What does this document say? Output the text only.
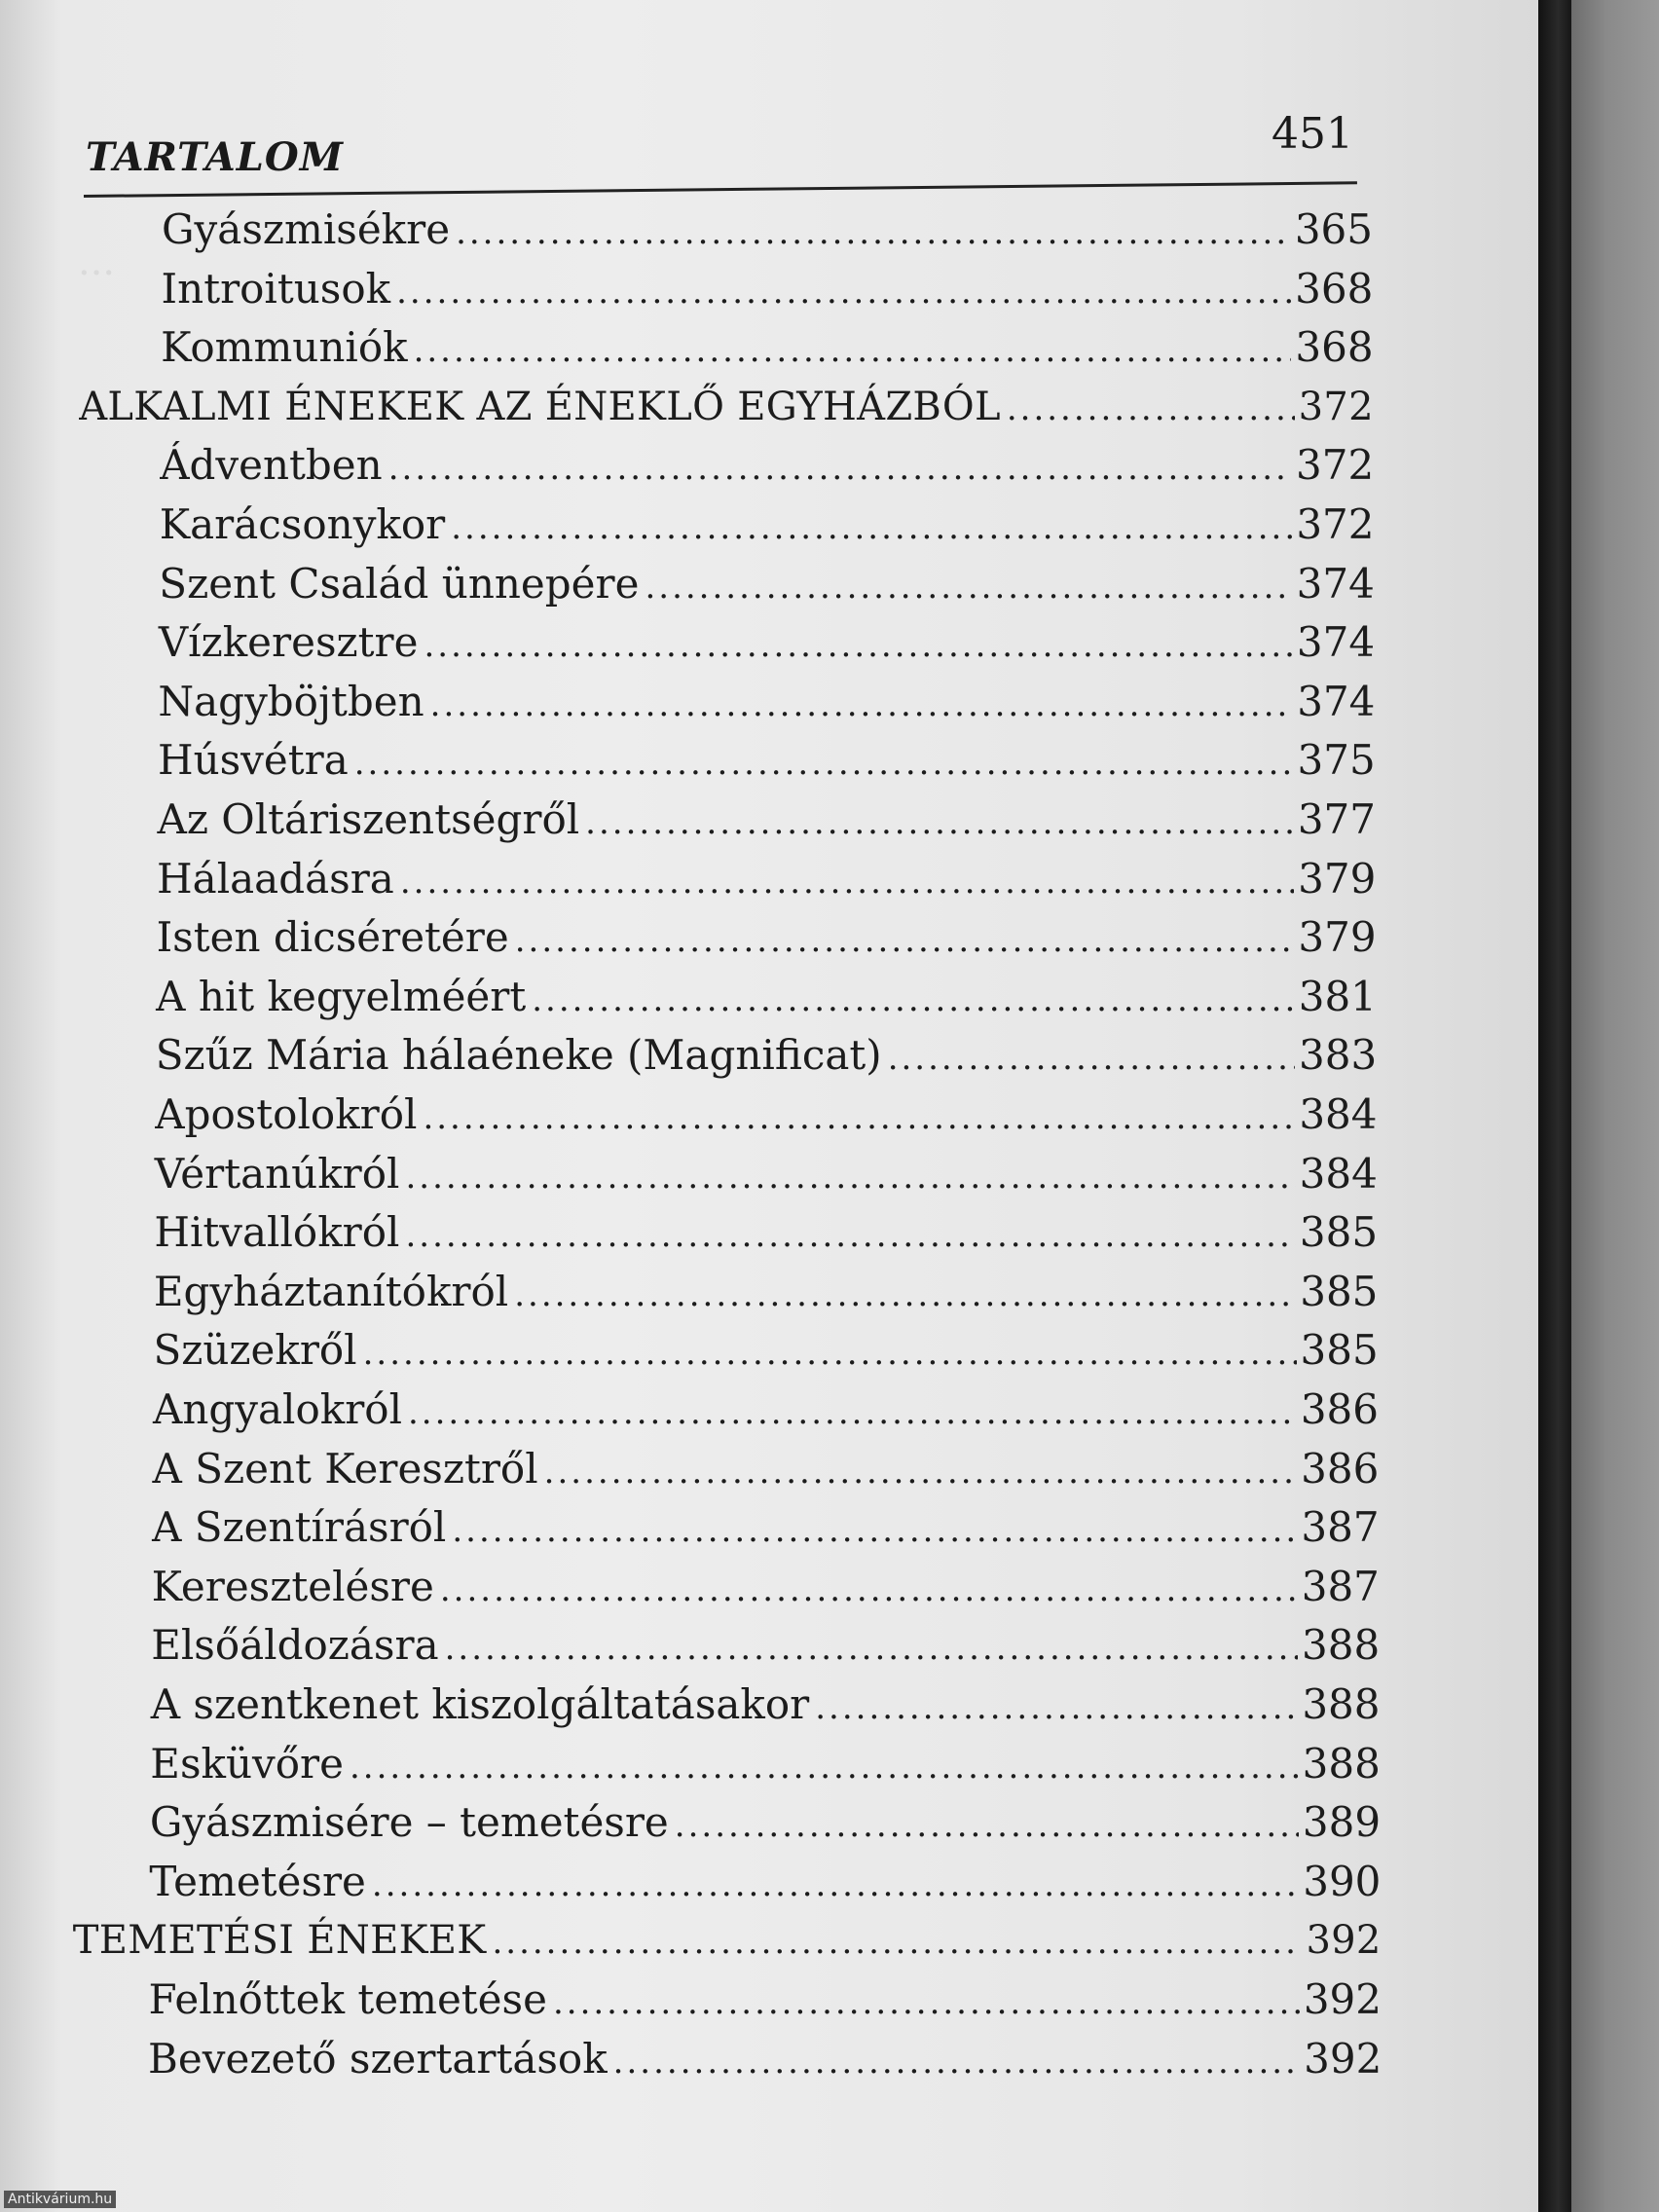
···
TARTALOM	451
Gyászmisékre .....	365
Introitusok .....	368
Kommuniók .....	368
ALKALMI ÉNEKEK AZ ÉNEKLŐ EGYHÁZBÓL .....	372
Ádventben .....	372
Karácsonykor .....	372
Szent Család ünnepére .....	374
Vízkeresztre .....	374
Nagyböjtben .....	374
Húsvétra .....	375
Az Oltáriszentségről .....	377
Hálaadásra .....	379
Isten dicséretére .....	379
A hit kegyelméért .....	381
Szűz Mária hálaéneke (Magnificat) .....	383
Apostolokról .....	384
Vértanúkról .....	384
Hitvallókról .....	385
Egyháztanítókról .....	385
Szüzekről .....	385
Angyalokról .....	386
A Szent Keresztről .....	386
A Szentírásról .....	387
Keresztelésre .....	387
Elsőáldozásra .....	388
A szentkenet kiszolgáltatásakor .....	388
Esküvőre .....	388
Gyászmisére – temetésre .....	389
Temetésre .....	390
TEMETÉSI ÉNEKEK .....	392
Felnőttek temetése .....	392
Bevezető szertartások .....	392
Antikvárium.hu
